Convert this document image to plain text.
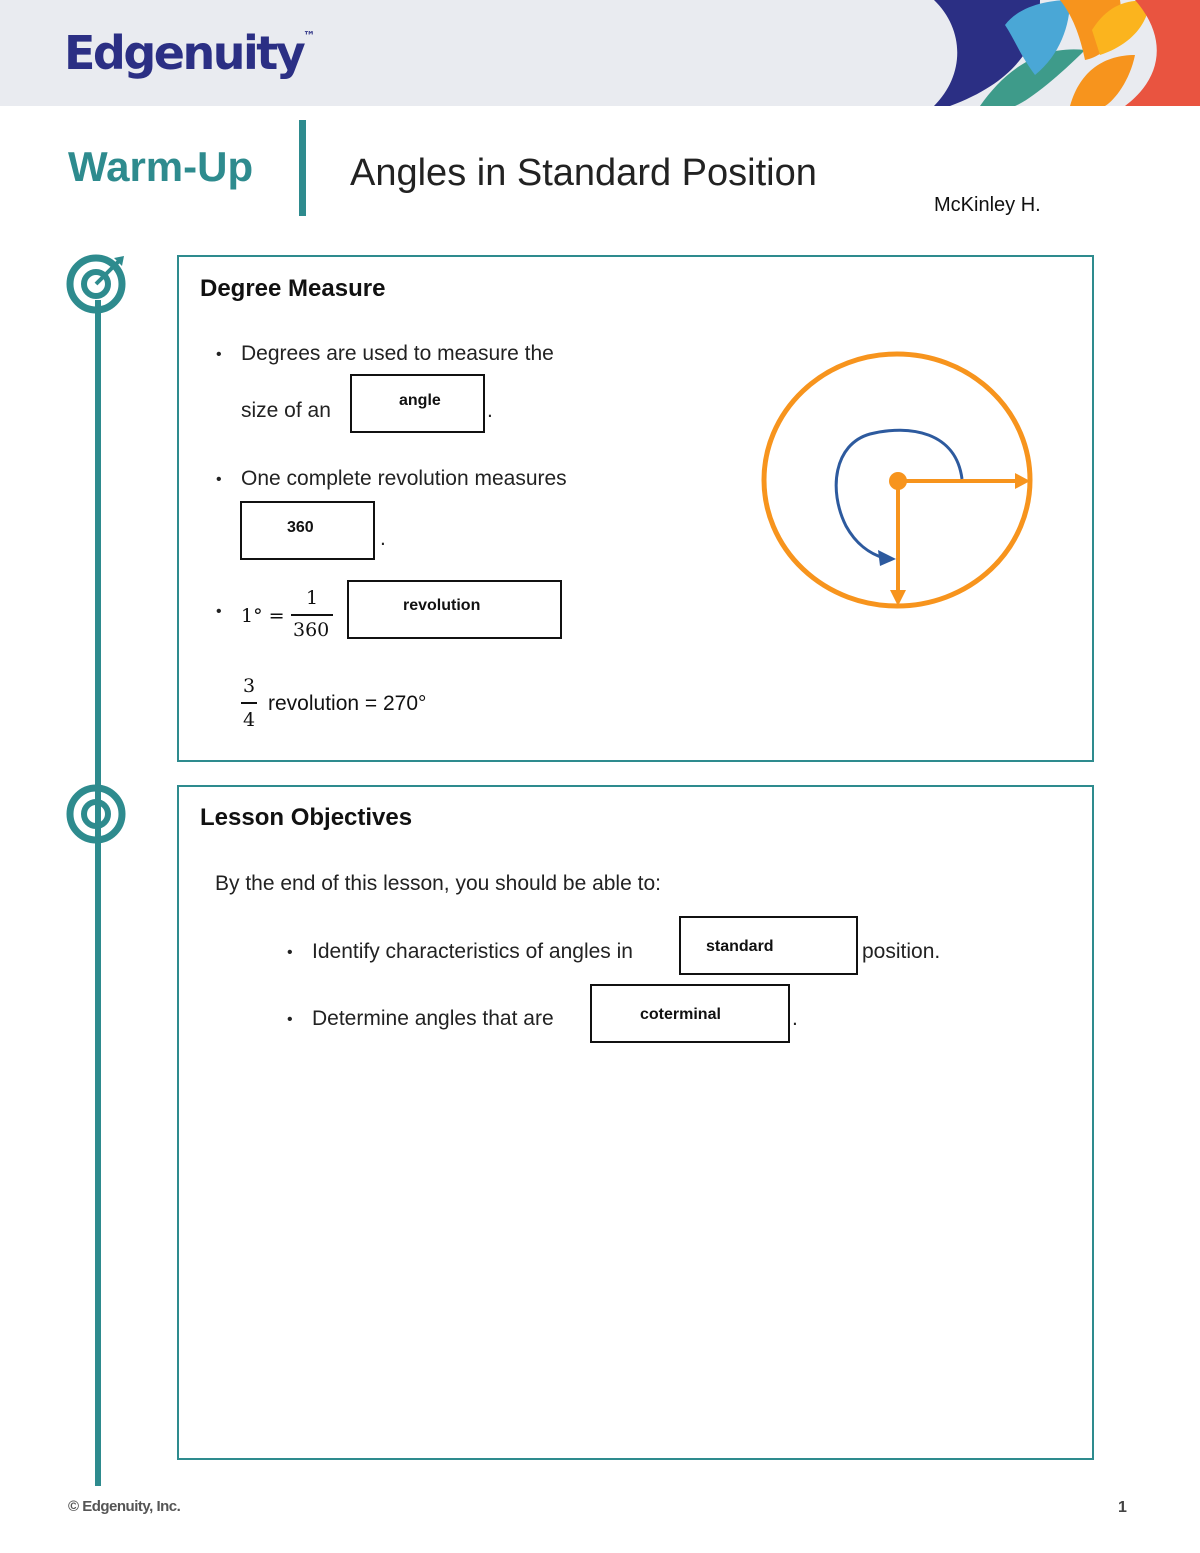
Edgenuity™
Warm-Up	Angles in Standard Position
McKinley H.
Degree Measure
• Degrees are used to measure the
size of an	angle .
• One complete revolution measures
360	.
• 1° =
1
360
revolution
3
4
revolution = 270°
Lesson Objectives
By the end of this lesson, you should be able to:
• Identify characteristics of angles in	standard	position.
• Determine angles that are	coterminal	.
© Edgenuity, Inc.	1
